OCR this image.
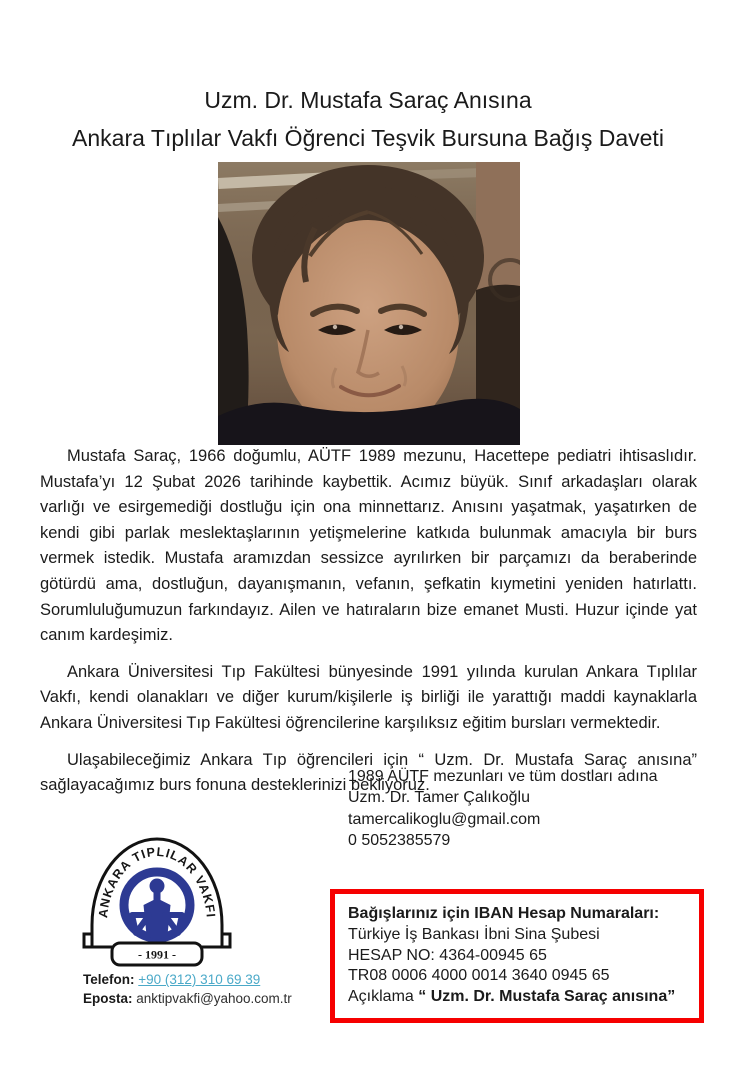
Uzm. Dr. Mustafa Saraç Anısına
Ankara Tıplılar Vakfı Öğrenci Teşvik Bursuna Bağış Daveti

Mustafa Saraç, 1966 doğumlu, AÜTF 1989 mezunu, Hacettepe pediatri ihtisaslıdır. Mustafa’yı 12 Şubat 2026 tarihinde kaybettik. Acımız büyük. Sınıf arkadaşları olarak varlığı ve esirgemediği dostluğu için ona minnettarız. Anısını yaşatmak, yaşatırken de kendi gibi parlak meslektaşlarının yetişmelerine katkıda bulunmak amacıyla bir burs vermek istedik. Mustafa aramızdan sessizce ayrılırken bir parçamızı da beraberinde götürdü ama, dostluğun, dayanışmanın, vefanın, şefkatin kıymetini yeniden hatırlattı. Sorumluluğumuzun farkındayız. Ailen ve hatıraların bize emanet Musti. Huzur içinde yat canım kardeşimiz.

Ankara Üniversitesi Tıp Fakültesi bünyesinde 1991 yılında kurulan Ankara Tıplılar Vakfı, kendi olanakları ve diğer kurum/kişilerle iş birliği ile yarattığı maddi kaynaklarla Ankara Üniversitesi Tıp Fakültesi öğrencilerine karşılıksız eğitim bursları vermektedir.

Ulaşabileceğimiz Ankara Tıp öğrencileri için “ Uzm. Dr. Mustafa Saraç anısına” sağlayacağımız burs fonuna desteklerinizi bekliyoruz.

1989 AÜTF mezunları ve tüm dostları adına
Uzm. Dr. Tamer Çalıkoğlu
tamercalikoglu@gmail.com
0 5052385579
ANKARA TIPLILAR VAKFI
- 1991 -
Telefon: +90 (312) 310 69 39
Eposta: anktipvakfi@yahoo.com.tr
Bağışlarınız için IBAN Hesap Numaraları:
Türkiye İş Bankası İbni Sina Şubesi
HESAP NO: 4364-00945 65
TR08 0006 4000 0014 3640 0945 65
Açıklama “ Uzm. Dr. Mustafa Saraç anısına”
